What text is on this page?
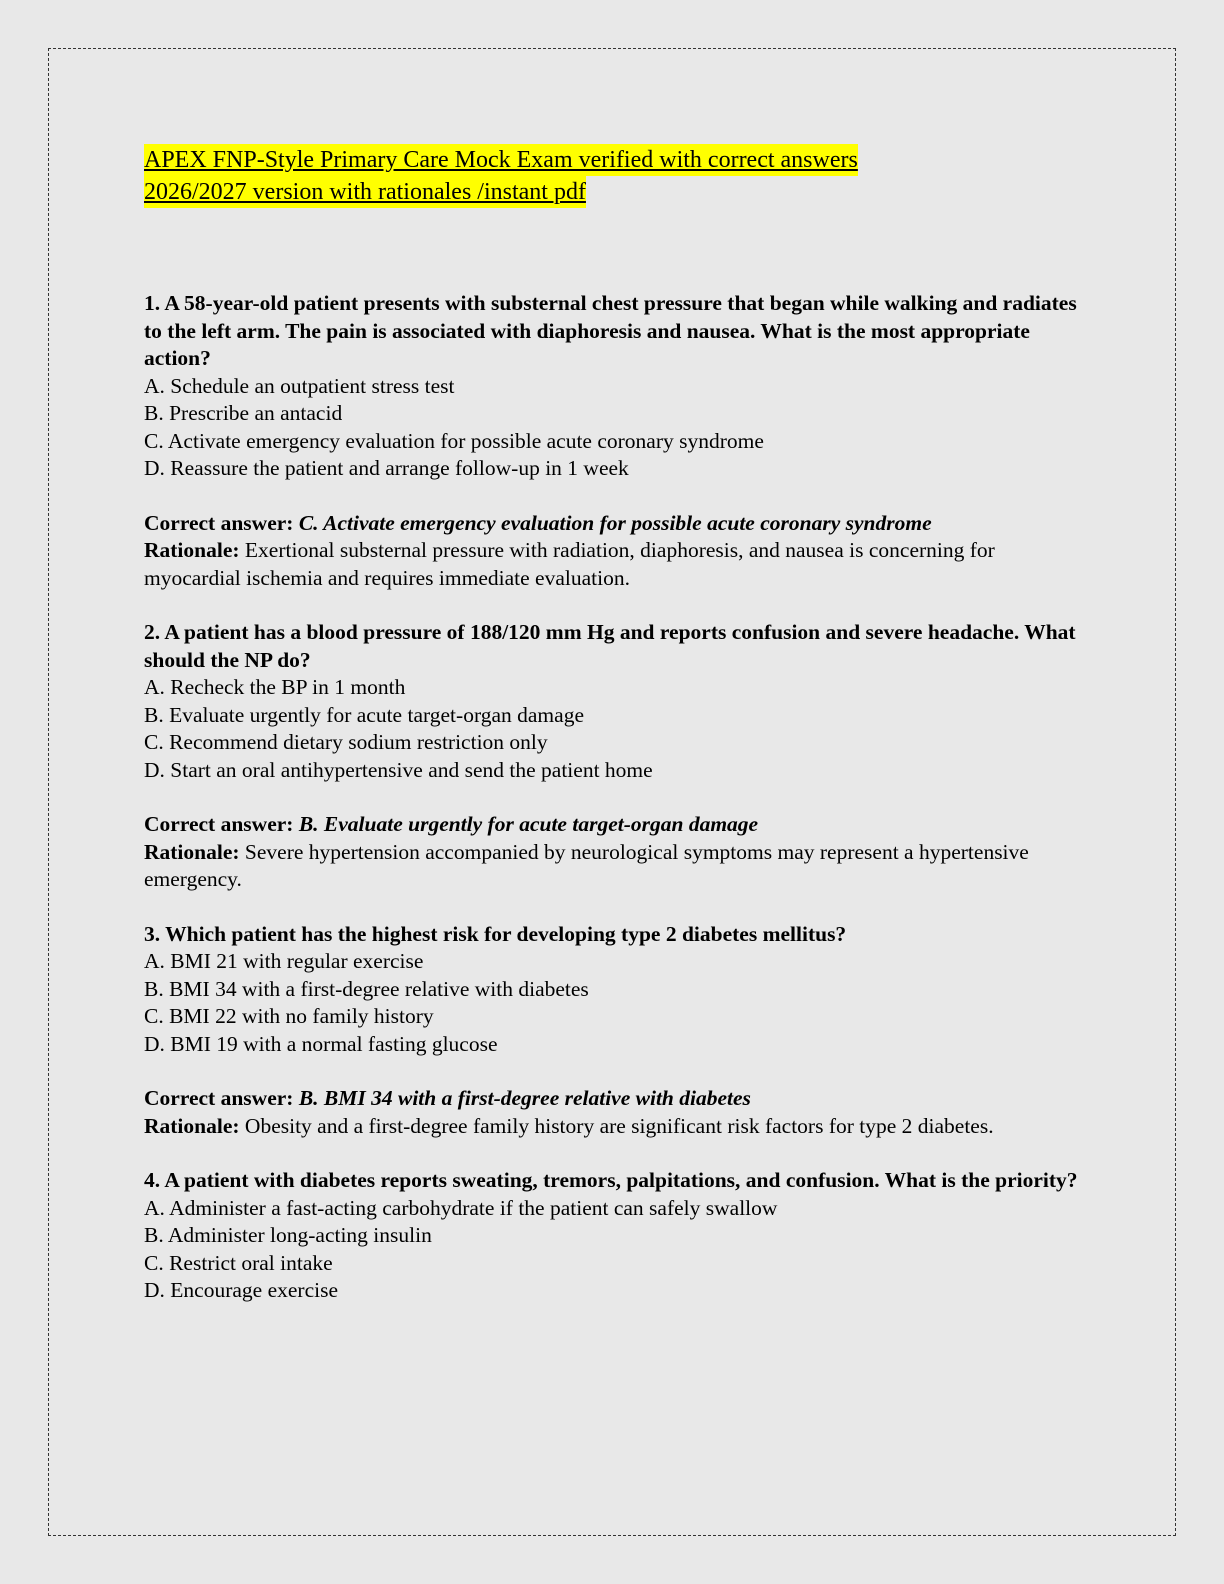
APEX FNP-Style Primary Care Mock Exam verified with correct answers
2026/2027 version with rationales /instant pdf
1. A 58-year-old patient presents with substernal chest pressure that began while walking and radiates to the left arm. The pain is associated with diaphoresis and nausea. What is the most appropriate action?
A. Schedule an outpatient stress test
B. Prescribe an antacid
C. Activate emergency evaluation for possible acute coronary syndrome
D. Reassure the patient and arrange follow-up in 1 week
Correct answer: C. Activate emergency evaluation for possible acute coronary syndrome
Rationale: Exertional substernal pressure with radiation, diaphoresis, and nausea is concerning for myocardial ischemia and requires immediate evaluation.
2. A patient has a blood pressure of 188/120 mm Hg and reports confusion and severe headache. What should the NP do?
A. Recheck the BP in 1 month
B. Evaluate urgently for acute target-organ damage
C. Recommend dietary sodium restriction only
D. Start an oral antihypertensive and send the patient home
Correct answer: B. Evaluate urgently for acute target-organ damage
Rationale: Severe hypertension accompanied by neurological symptoms may represent a hypertensive emergency.
3. Which patient has the highest risk for developing type 2 diabetes mellitus?
A. BMI 21 with regular exercise
B. BMI 34 with a first-degree relative with diabetes
C. BMI 22 with no family history
D. BMI 19 with a normal fasting glucose
Correct answer: B. BMI 34 with a first-degree relative with diabetes
Rationale: Obesity and a first-degree family history are significant risk factors for type 2 diabetes.
4. A patient with diabetes reports sweating, tremors, palpitations, and confusion. What is the priority?
A. Administer a fast-acting carbohydrate if the patient can safely swallow
B. Administer long-acting insulin
C. Restrict oral intake
D. Encourage exercise
